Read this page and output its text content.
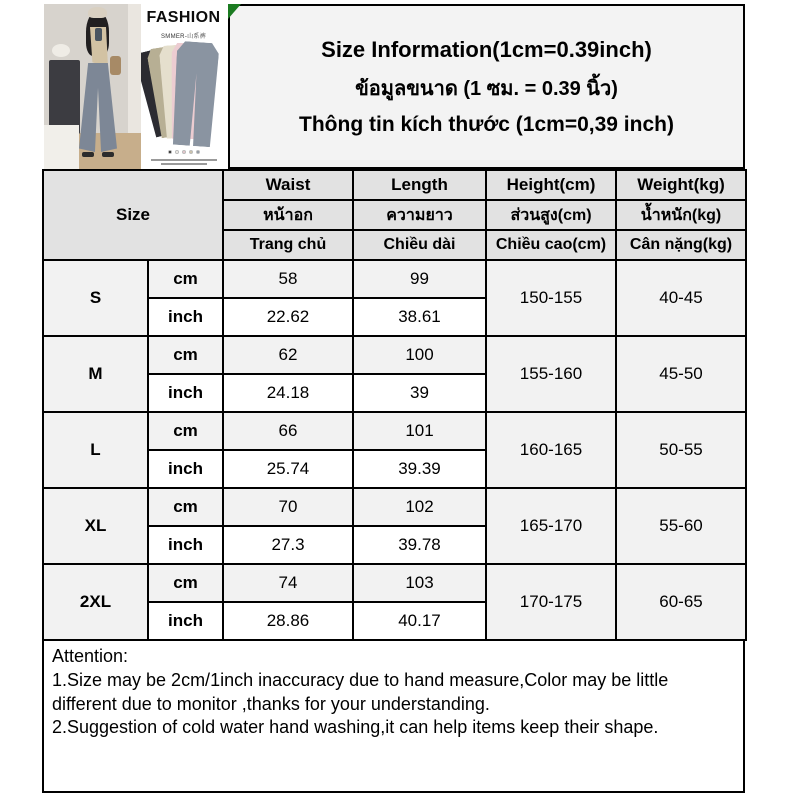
FASHION
SMMER-山系裤
	Size Information(1cm=0.39inch)
ข้อมูลขนาด (1 ซม. = 0.39 นิ้ว)
Thông tin kích thước (1cm=0,39 inch)
Size		Waist	Length	Height(cm)	Weight(kg)
		หน้าอก	ความยาว	ส่วนสูง(cm)	น้ำหนัก(kg)
		Trang chủ	Chiều dài	Chiều cao(cm)	Cân nặng(kg)
S	cm	58	99	150-155	40-45
	inch	22.62	38.61		
M	cm	62	100	155-160	45-50
	inch	24.18	39		
L	cm	66	101	160-165	50-55
	inch	25.74	39.39		
XL	cm	70	102	165-170	55-60
	inch	27.3	39.78		
2XL	cm	74	103	170-175	60-65
	inch	28.86	40.17		
Attention:
1.Size may be 2cm/1inch inaccuracy due to hand measure,Color may be little different due to monitor ,thanks for your understanding.
2.Suggestion of cold water hand washing,it can help items keep their shape.
